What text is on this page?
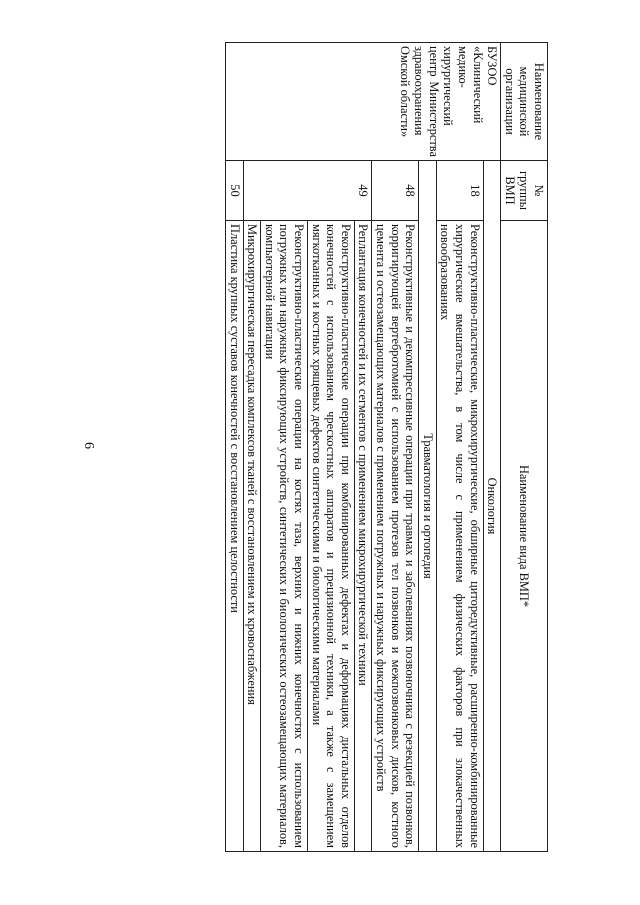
Наименование медицинской организации	№ группы ВМП	Наименование вида ВМП*
БУЗОО «Клинический медико-хирургический центр Министерства здравоохранения Омской области»	Онкология	
	18	Реконструктивно-пластические, микрохирургические, обширные циторедуктивные, расширенно-комбинированные хирургические вмешательства, в том числе с применением физических факторов при злокачественных новообразованиях
	Травматология и ортопедия	
	48	Реконструктивные и декомпрессивные операции при травмах и заболеваниях позвоночника с резекцией позвонков, корригирующей вертебротомией с использованием протезов тел позвонков и межпозвонковых дисков, костного цемента и остеозамещающих материалов с применением погружных и наружных фиксирующих устройств
	49	Реплантация конечностей и их сегментов с применением микрохирургической техники
		Реконструктивно-пластические операции при комбинированных дефектах и деформациях дистальных отделов конечностей с использованием чрескостных аппаратов и прецизионной техники, а также с замещением мягкотканных и костных хрящевых дефектов синтетическими и биологическими материалами
		Реконструктивно-пластические операции на костях таза, верхних и нижних конечностях с использованием погружных или наружных фиксирующих устройств, синтетических и биологических остеозамещающих материалов, компьютерной навигации
		Микрохирургическая пересадка комплексов тканей с восстановлением их кровоснабжения
	50	Пластика крупных суставов конечностей с восстановлением целостности
6
